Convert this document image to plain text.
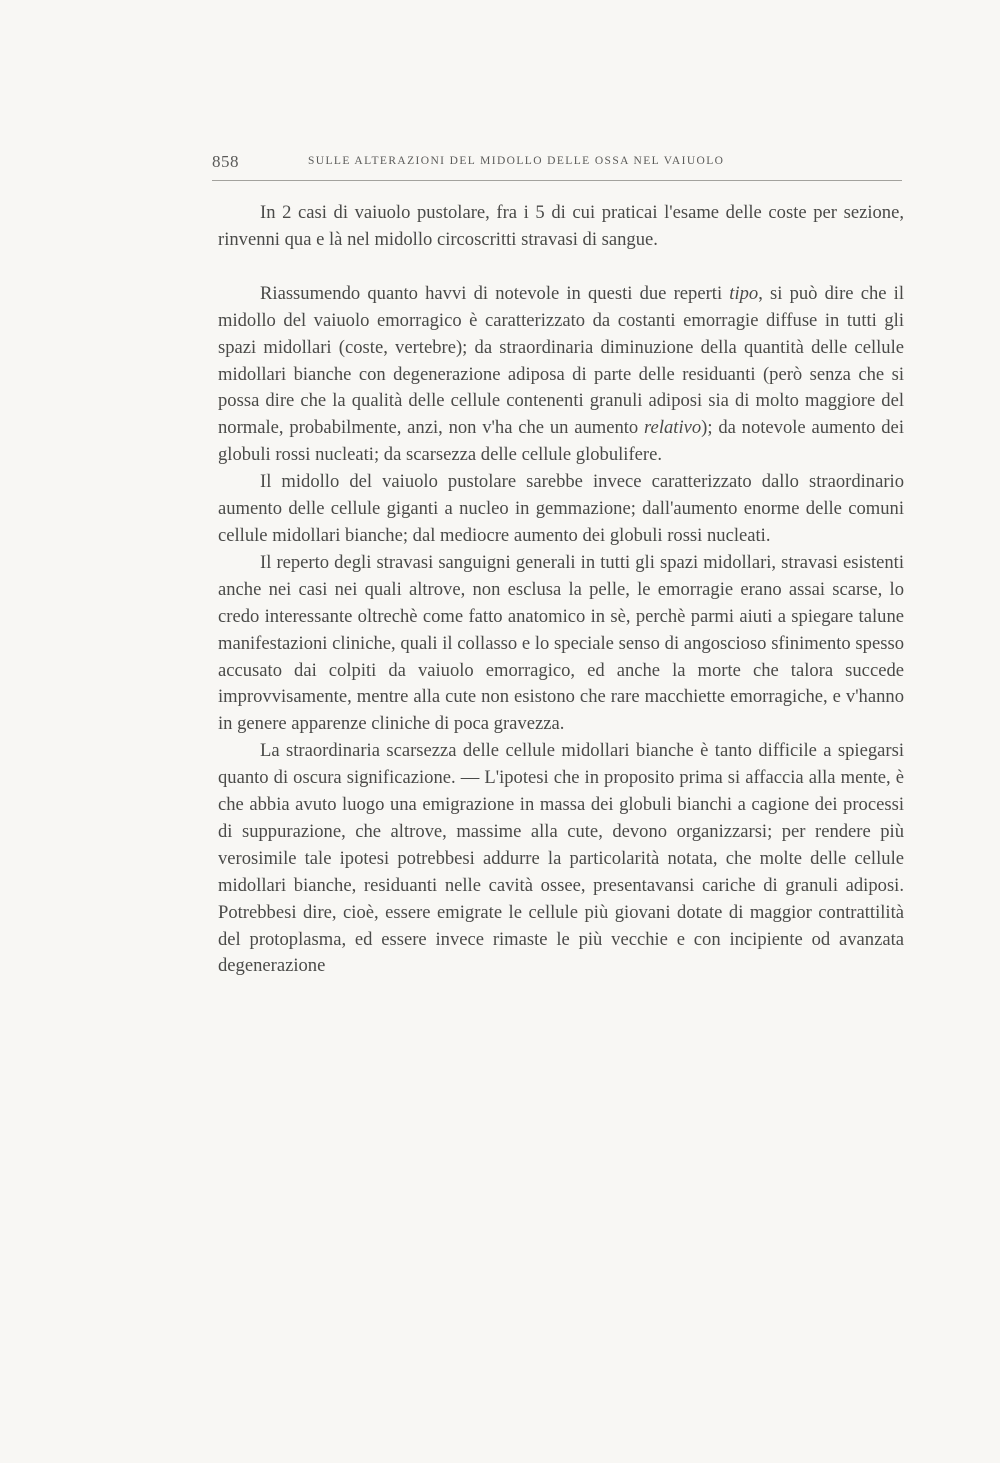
858	SULLE ALTERAZIONI DEL MIDOLLO DELLE OSSA NEL VAIUOLO

In 2 casi di vaiuolo pustolare, fra i 5 di cui praticai l'esame delle coste per sezione, rinvenni qua e là nel midollo circoscritti stravasi di sangue.

Riassumendo quanto havvi di notevole in questi due reperti tipo, si può dire che il midollo del vaiuolo emorragico è caratterizzato da costanti emorragie diffuse in tutti gli spazi midollari (coste, vertebre); da straordinaria diminuzione della quantità delle cellule midollari bianche con degenerazione adiposa di parte delle residuanti (però senza che si possa dire che la qualità delle cellule contenenti granuli adiposi sia di molto maggiore del normale, probabilmente, anzi, non v'ha che un aumento relativo); da notevole aumento dei globuli rossi nucleati; da scarsezza delle cellule globulifere.

Il midollo del vaiuolo pustolare sarebbe invece caratterizzato dallo straordinario aumento delle cellule giganti a nucleo in gemmazione; dall'aumento enorme delle comuni cellule midollari bianche; dal mediocre aumento dei globuli rossi nucleati.

Il reperto degli stravasi sanguigni generali in tutti gli spazi midollari, stravasi esistenti anche nei casi nei quali altrove, non esclusa la pelle, le emorragie erano assai scarse, lo credo interessante oltrechè come fatto anatomico in sè, perchè parmi aiuti a spiegare talune manifestazioni cliniche, quali il collasso e lo speciale senso di angoscioso sfinimento spesso accusato dai colpiti da vaiuolo emorragico, ed anche la morte che talora succede improvvisamente, mentre alla cute non esistono che rare macchiette emorragiche, e v'hanno in genere apparenze cliniche di poca gravezza.

La straordinaria scarsezza delle cellule midollari bianche è tanto difficile a spiegarsi quanto di oscura significazione. — L'ipotesi che in proposito prima si affaccia alla mente, è che abbia avuto luogo una emigrazione in massa dei globuli bianchi a cagione dei processi di suppurazione, che altrove, massime alla cute, devono organizzarsi; per rendere più verosimile tale ipotesi potrebbesi addurre la particolarità notata, che molte delle cellule midollari bianche, residuanti nelle cavità ossee, presentavansi cariche di granuli adiposi. Potrebbesi dire, cioè, essere emigrate le cellule più giovani dotate di maggior contrattilità del protoplasma, ed essere invece rimaste le più vecchie e con incipiente od avanzata degenerazione
